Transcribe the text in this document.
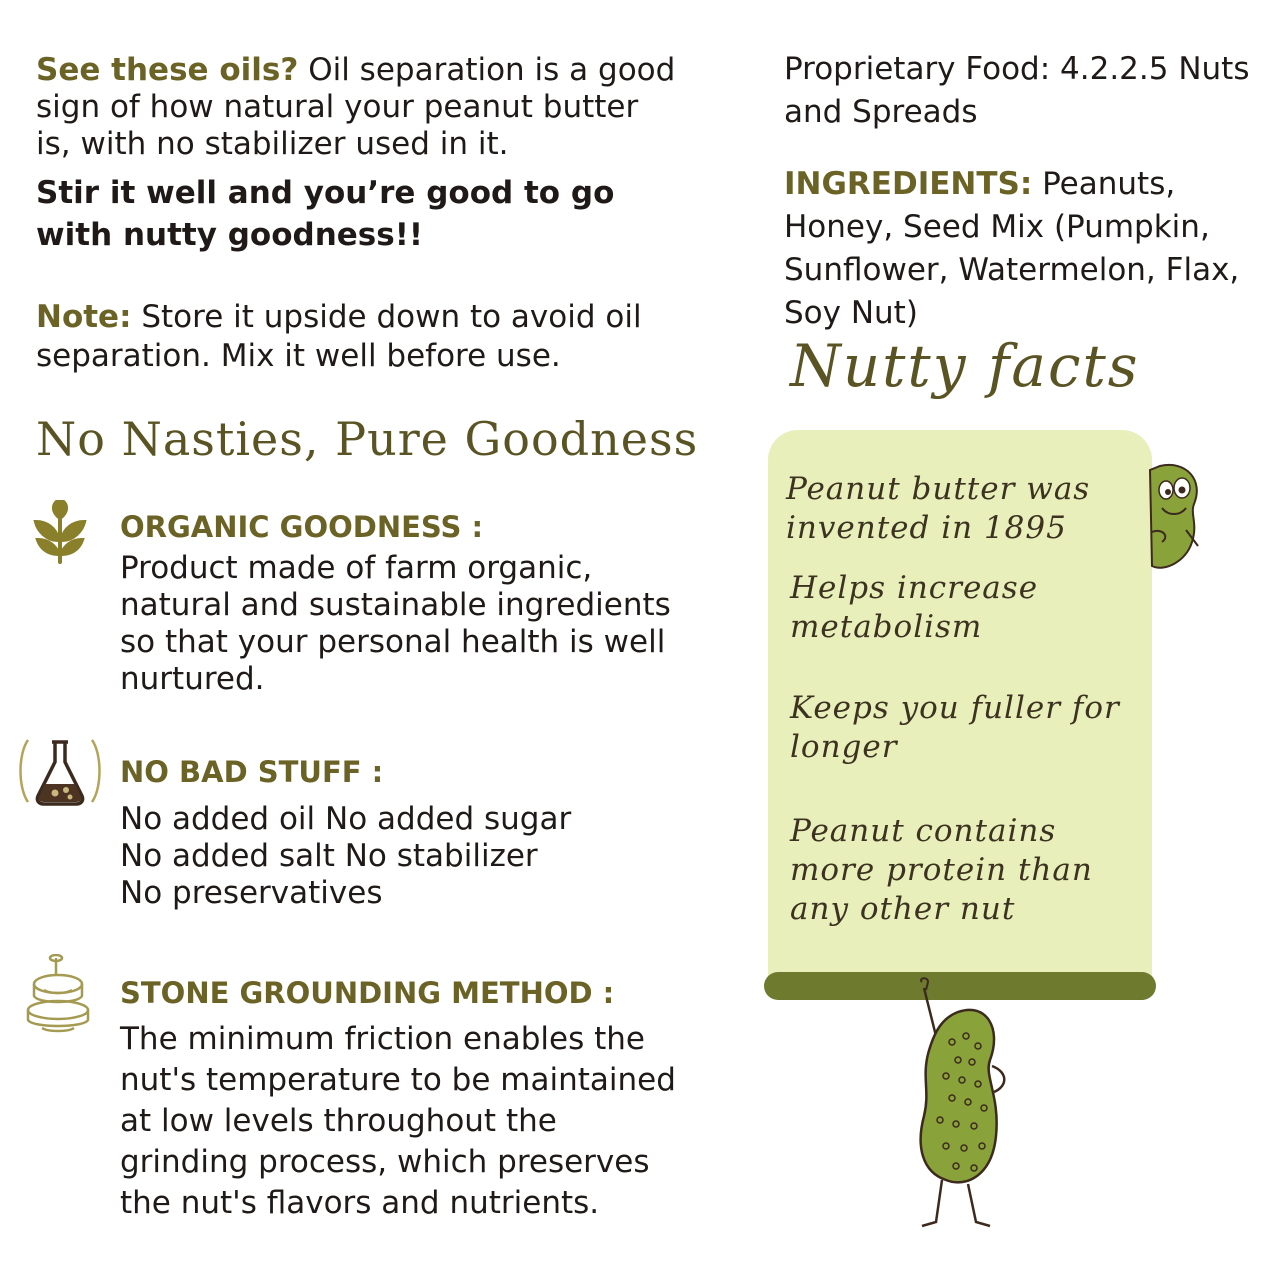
See these oils? Oil separation is a good sign of how natural your peanut butter is, with no stabilizer used in it.
Stir it well and you’re good to go with nutty goodness!!
Note: Store it upside down to avoid oil separation. Mix it well before use.
No Nasties, Pure Goodness
ORGANIC GOODNESS :
Product made of farm organic, natural and sustainable ingredients so that your personal health is well nurtured.
NO BAD STUFF :
No added oil No added sugar
No added salt No stabilizer
No preservatives
STONE GROUNDING METHOD :
The minimum friction enables the nut's temperature to be maintained at low levels throughout the grinding process, which preserves the nut's flavors and nutrients.
Proprietary Food: 4.2.2.5 Nuts and Spreads
INGREDIENTS: Peanuts, Honey, Seed Mix (Pumpkin, Sunflower, Watermelon, Flax, Soy Nut)
Nutty facts
Peanut butter was invented in 1895
Helps increase metabolism
Keeps you fuller for longer
Peanut contains more protein than any other nut
